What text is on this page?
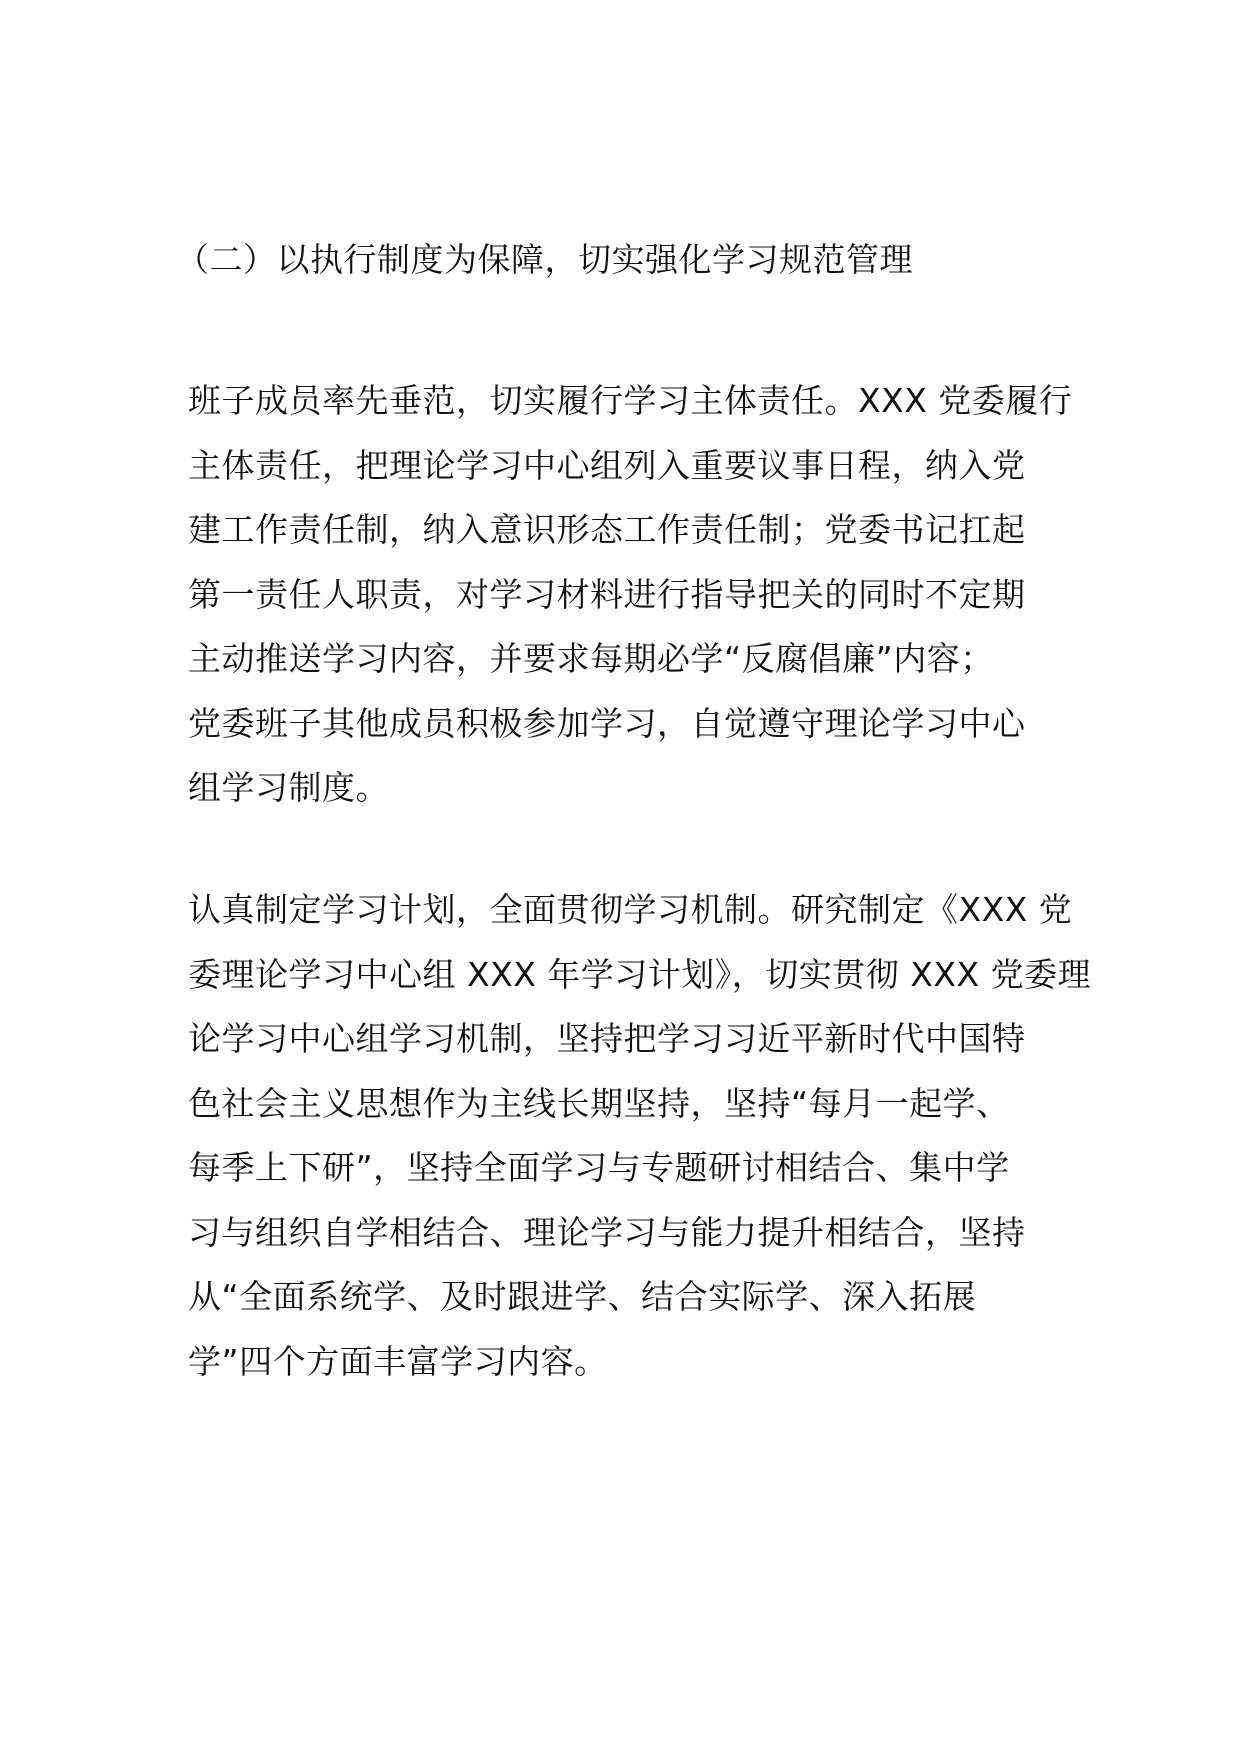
（二）以执行制度为保障，切实强化学习规范管理
班子成员率先垂范，切实履行学习主体责任。XXX 党委履行
主体责任，把理论学习中心组列入重要议事日程，纳入党
建工作责任制，纳入意识形态工作责任制；党委书记扛起
第一责任人职责，对学习材料进行指导把关的同时不定期
主动推送学习内容，并要求每期必学“反腐倡廉”内容；
党委班子其他成员积极参加学习，自觉遵守理论学习中心
组学习制度。
认真制定学习计划，全面贯彻学习机制。研究制定《XXX 党
委理论学习中心组 XXX 年学习计划》，切实贯彻 XXX 党委理
论学习中心组学习机制，坚持把学习习近平新时代中国特
色社会主义思想作为主线长期坚持，坚持“每月一起学、
每季上下研”，坚持全面学习与专题研讨相结合、集中学
习与组织自学相结合、理论学习与能力提升相结合，坚持
从“全面系统学、及时跟进学、结合实际学、深入拓展
学”四个方面丰富学习内容。
